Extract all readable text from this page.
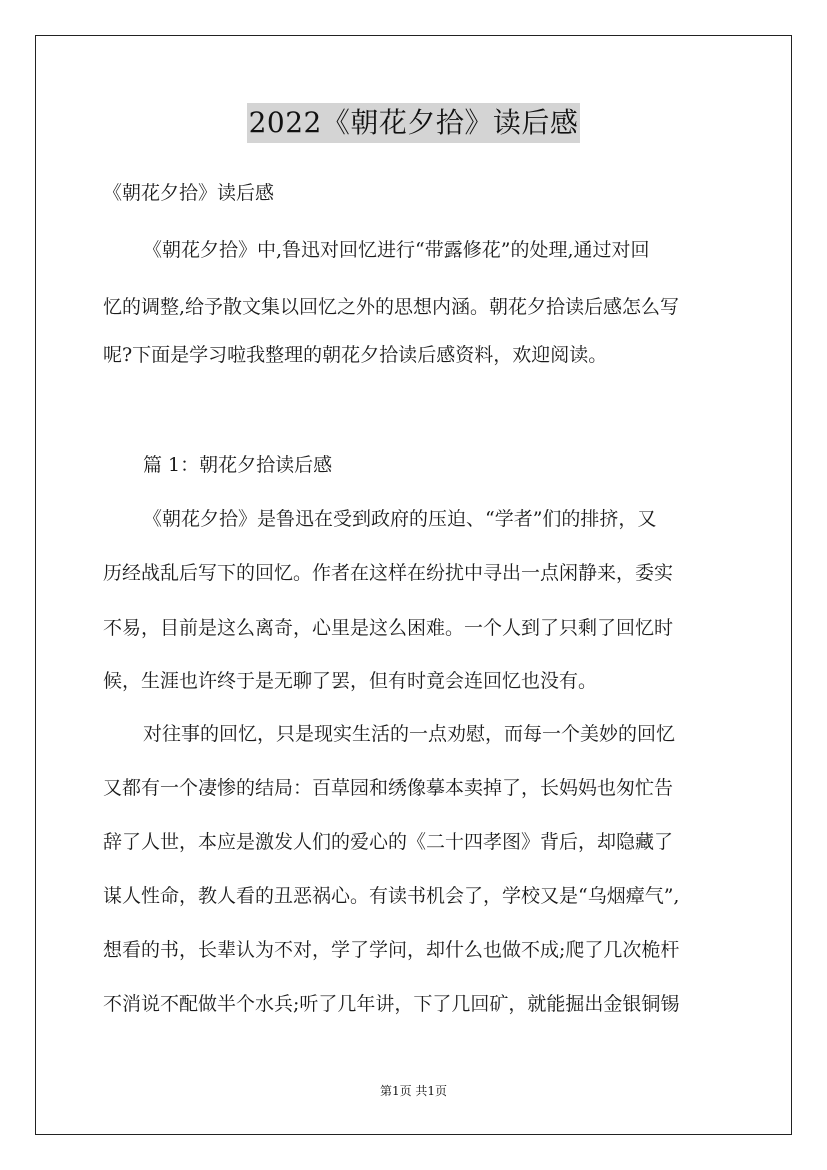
2022《朝花夕拾》读后感
《朝花夕拾》读后感
《朝花夕拾》中,鲁迅对回忆进行“带露修花”的处理,通过对回
忆的调整,给予散文集以回忆之外的思想内涵。朝花夕拾读后感怎么写
呢?下面是学习啦我整理的朝花夕拾读后感资料，欢迎阅读。
篇 1：朝花夕拾读后感
《朝花夕拾》是鲁迅在受到政府的压迫、“学者”们的排挤，又
历经战乱后写下的回忆。作者在这样在纷扰中寻出一点闲静来，委实
不易，目前是这么离奇，心里是这么困难。一个人到了只剩了回忆时
候，生涯也许终于是无聊了罢，但有时竟会连回忆也没有。
对往事的回忆，只是现实生活的一点劝慰，而每一个美妙的回忆
又都有一个凄惨的结局：百草园和绣像摹本卖掉了，长妈妈也匆忙告
辞了人世，本应是激发人们的爱心的《二十四孝图》背后，却隐藏了
谋人性命，教人看的丑恶祸心。有读书机会了，学校又是“乌烟瘴气”,
想看的书，长辈认为不对，学了学问，却什么也做不成;爬了几次桅杆
不消说不配做半个水兵;听了几年讲，下了几回矿，就能掘出金银铜锡
第1页 共1页
